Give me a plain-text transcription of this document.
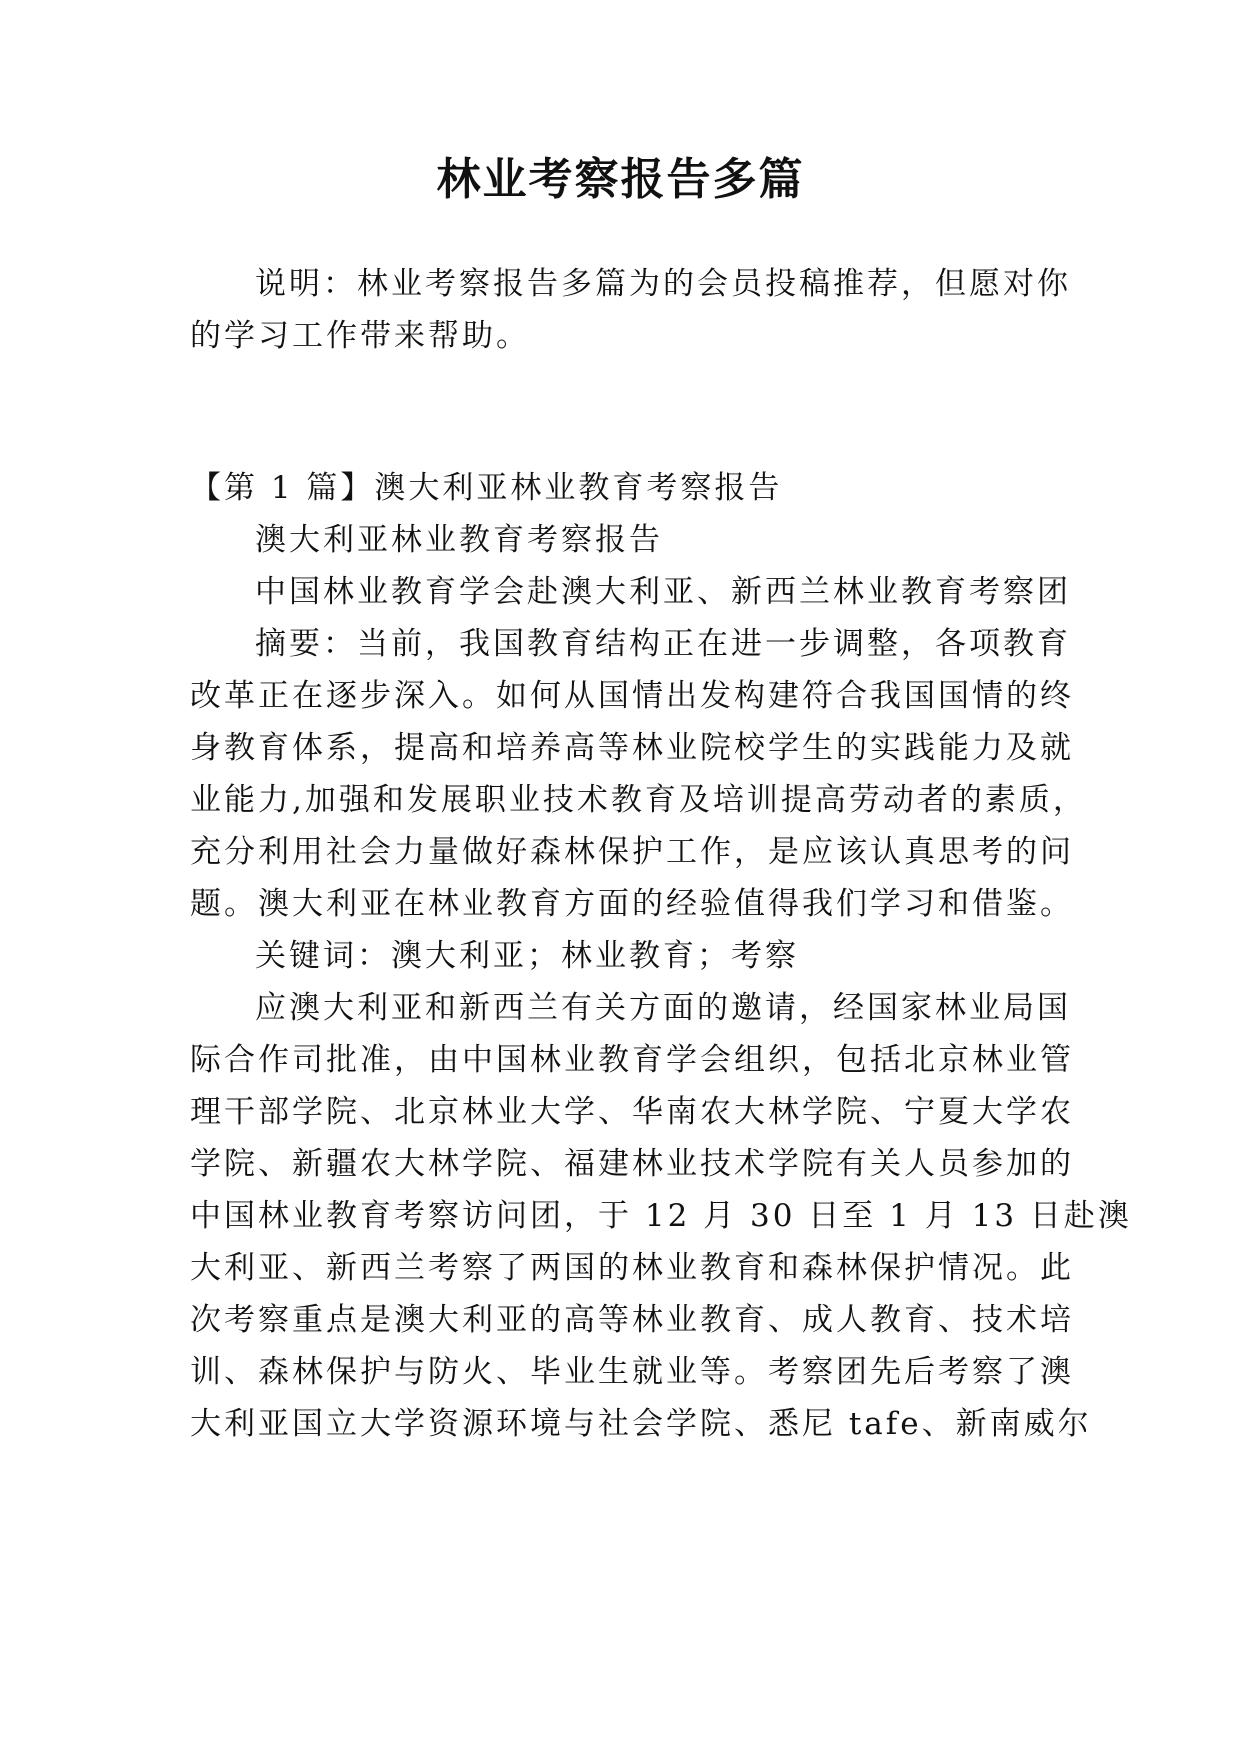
林业考察报告多篇

说明：林业考察报告多篇为的会员投稿推荐，但愿对你

的学习工作带来帮助。

【第 1 篇】澳大利亚林业教育考察报告

澳大利亚林业教育考察报告

中国林业教育学会赴澳大利亚、新西兰林业教育考察团

摘要：当前，我国教育结构正在进一步调整，各项教育

改革正在逐步深入。如何从国情出发构建符合我国国情的终

身教育体系，提高和培养高等林业院校学生的实践能力及就

业能力,加强和发展职业技术教育及培训提高劳动者的素质，

充分利用社会力量做好森林保护工作，是应该认真思考的问

题。澳大利亚在林业教育方面的经验值得我们学习和借鉴。

关键词：澳大利亚；林业教育；考察

应澳大利亚和新西兰有关方面的邀请，经国家林业局国

际合作司批准，由中国林业教育学会组织，包括北京林业管

理干部学院、北京林业大学、华南农大林学院、宁夏大学农

学院、新疆农大林学院、福建林业技术学院有关人员参加的

中国林业教育考察访问团，于 12 月 30 日至 1 月 13 日赴澳

大利亚、新西兰考察了两国的林业教育和森林保护情况。此

次考察重点是澳大利亚的高等林业教育、成人教育、技术培

训、森林保护与防火、毕业生就业等。考察团先后考察了澳

大利亚国立大学资源环境与社会学院、悉尼 tafe、新南威尔
